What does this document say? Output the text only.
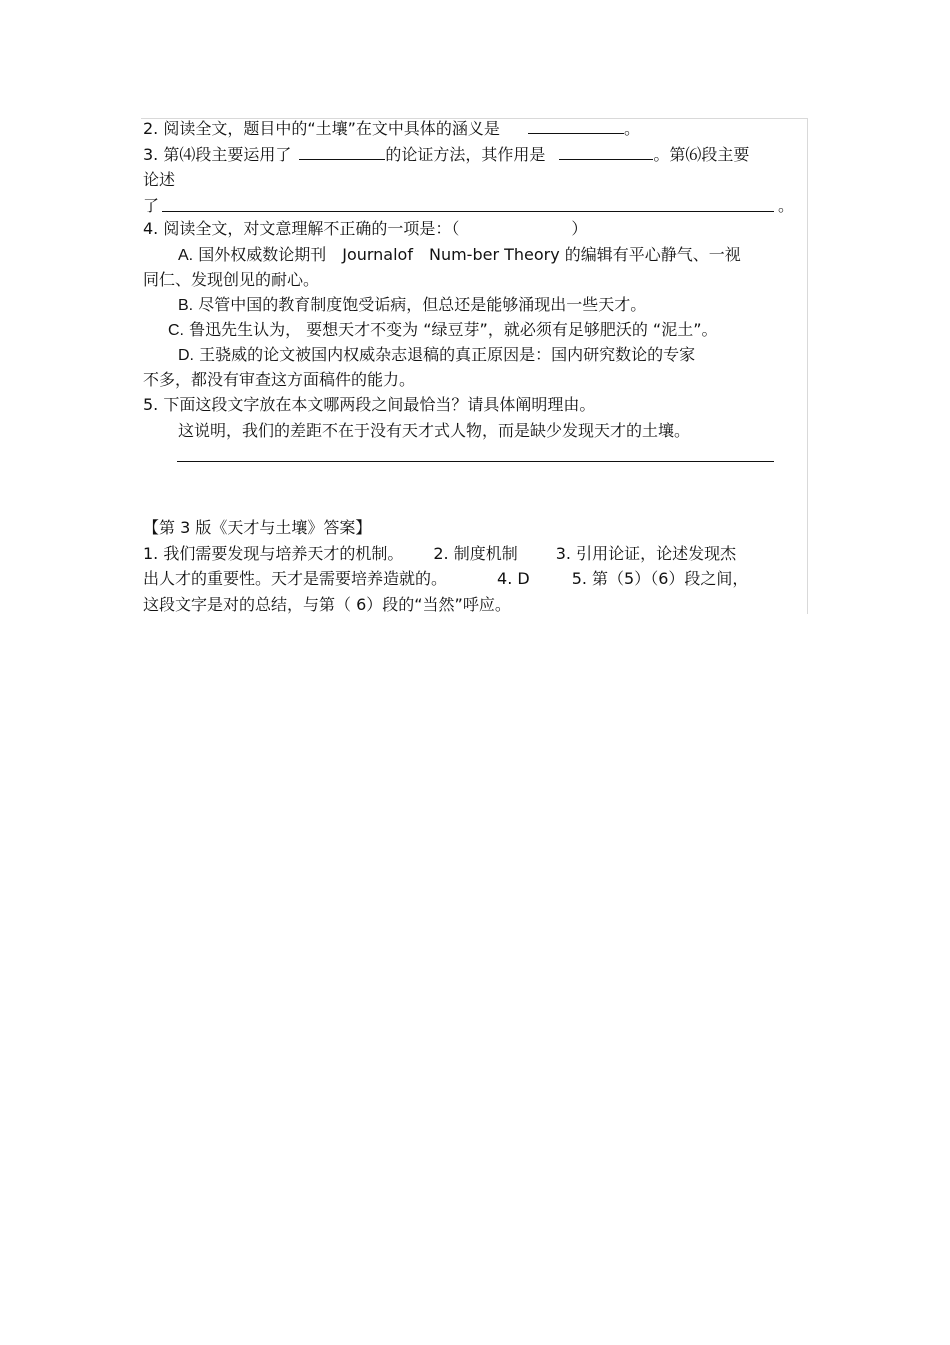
2. 阅读全文，题目中的“土壤”在文中具体的涵义是	。
3. 第⑷段主要运用了	的论证方法，其作用是	。第⑹段主要
论述
了	。
4. 阅读全文，对文意理解不正确的一项是：（	）
A. 国外权威数论期刊　Journalof　Num-ber Theory 的编辑有平心静气、一视
同仁、发现创见的耐心。
B. 尽管中国的教育制度饱受诟病，但总还是能够涌现出一些天才。
C. 鲁迅先生认为， 要想天才不变为 “绿豆芽”，就必须有足够肥沃的 “泥土”。
D. 王骁威的论文被国内权威杂志退稿的真正原因是：国内研究数论的专家
不多，都没有审查这方面稿件的能力。
5. 下面这段文字放在本文哪两段之间最恰当？请具体阐明理由。
这说明，我们的差距不在于没有天才式人物，而是缺少发现天才的土壤。
【第 3 版《天才与土壤》答案】
1. 我们需要发现与培养天才的机制。 2. 制度机制 3. 引用论证，论述发现杰
出人才的重要性。天才是需要培养造就的。	4. D	5. 第（5）（6）段之间，
这段文字是对的总结，与第（ 6）段的“当然”呼应。
